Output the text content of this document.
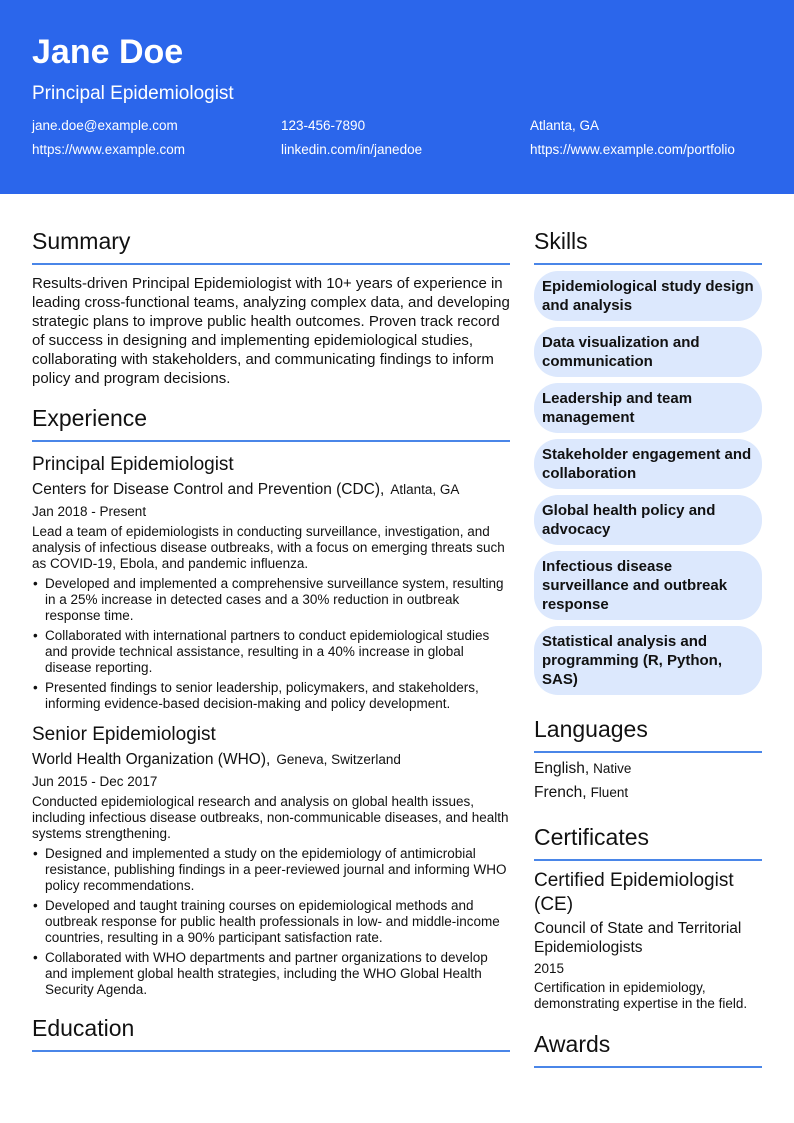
Jane Doe
Principal Epidemiologist
jane.doe@example.com	123-456-7890	Atlanta, GA
https://www.example.com	linkedin.com/in/janedoe	https://www.example.com/portfolio
Summary

Results-driven Principal Epidemiologist with 10+ years of experience in leading cross-functional teams, analyzing complex data, and developing strategic plans to improve public health outcomes. Proven track record of success in designing and implementing epidemiological studies, collaborating with stakeholders, and communicating findings to inform policy and program decisions.

Experience
Principal Epidemiologist
Centers for Disease Control and Prevention (CDC), Atlanta, GA
Jan 2018 - Present
Lead a team of epidemiologists in conducting surveillance, investigation, and analysis of infectious disease outbreaks, with a focus on emerging threats such as COVID-19, Ebola, and pandemic influenza.
• Developed and implemented a comprehensive surveillance system, resulting in a 25% increase in detected cases and a 30% reduction in outbreak response time.
• Collaborated with international partners to conduct epidemiological studies and provide technical assistance, resulting in a 40% increase in global disease reporting.
• Presented findings to senior leadership, policymakers, and stakeholders, informing evidence-based decision-making and policy development.
Senior Epidemiologist
World Health Organization (WHO), Geneva, Switzerland
Jun 2015 - Dec 2017
Conducted epidemiological research and analysis on global health issues, including infectious disease outbreaks, non-communicable diseases, and health systems strengthening.
• Designed and implemented a study on the epidemiology of antimicrobial resistance, publishing findings in a peer-reviewed journal and informing WHO policy recommendations.
• Developed and taught training courses on epidemiological methods and outbreak response for public health professionals in low- and middle-income countries, resulting in a 90% participant satisfaction rate.
• Collaborated with WHO departments and partner organizations to develop and implement global health strategies, including the WHO Global Health Security Agenda.
Education
Skills
Epidemiological study design and analysis
Data visualization and communication
Leadership and team management
Stakeholder engagement and collaboration
Global health policy and advocacy
Infectious disease surveillance and outbreak response
Statistical analysis and programming (R, Python, SAS)
Languages
English, Native
French, Fluent
Certificates
Certified Epidemiologist (CE)
Council of State and Territorial Epidemiologists
2015
Certification in epidemiology, demonstrating expertise in the field.
Awards
